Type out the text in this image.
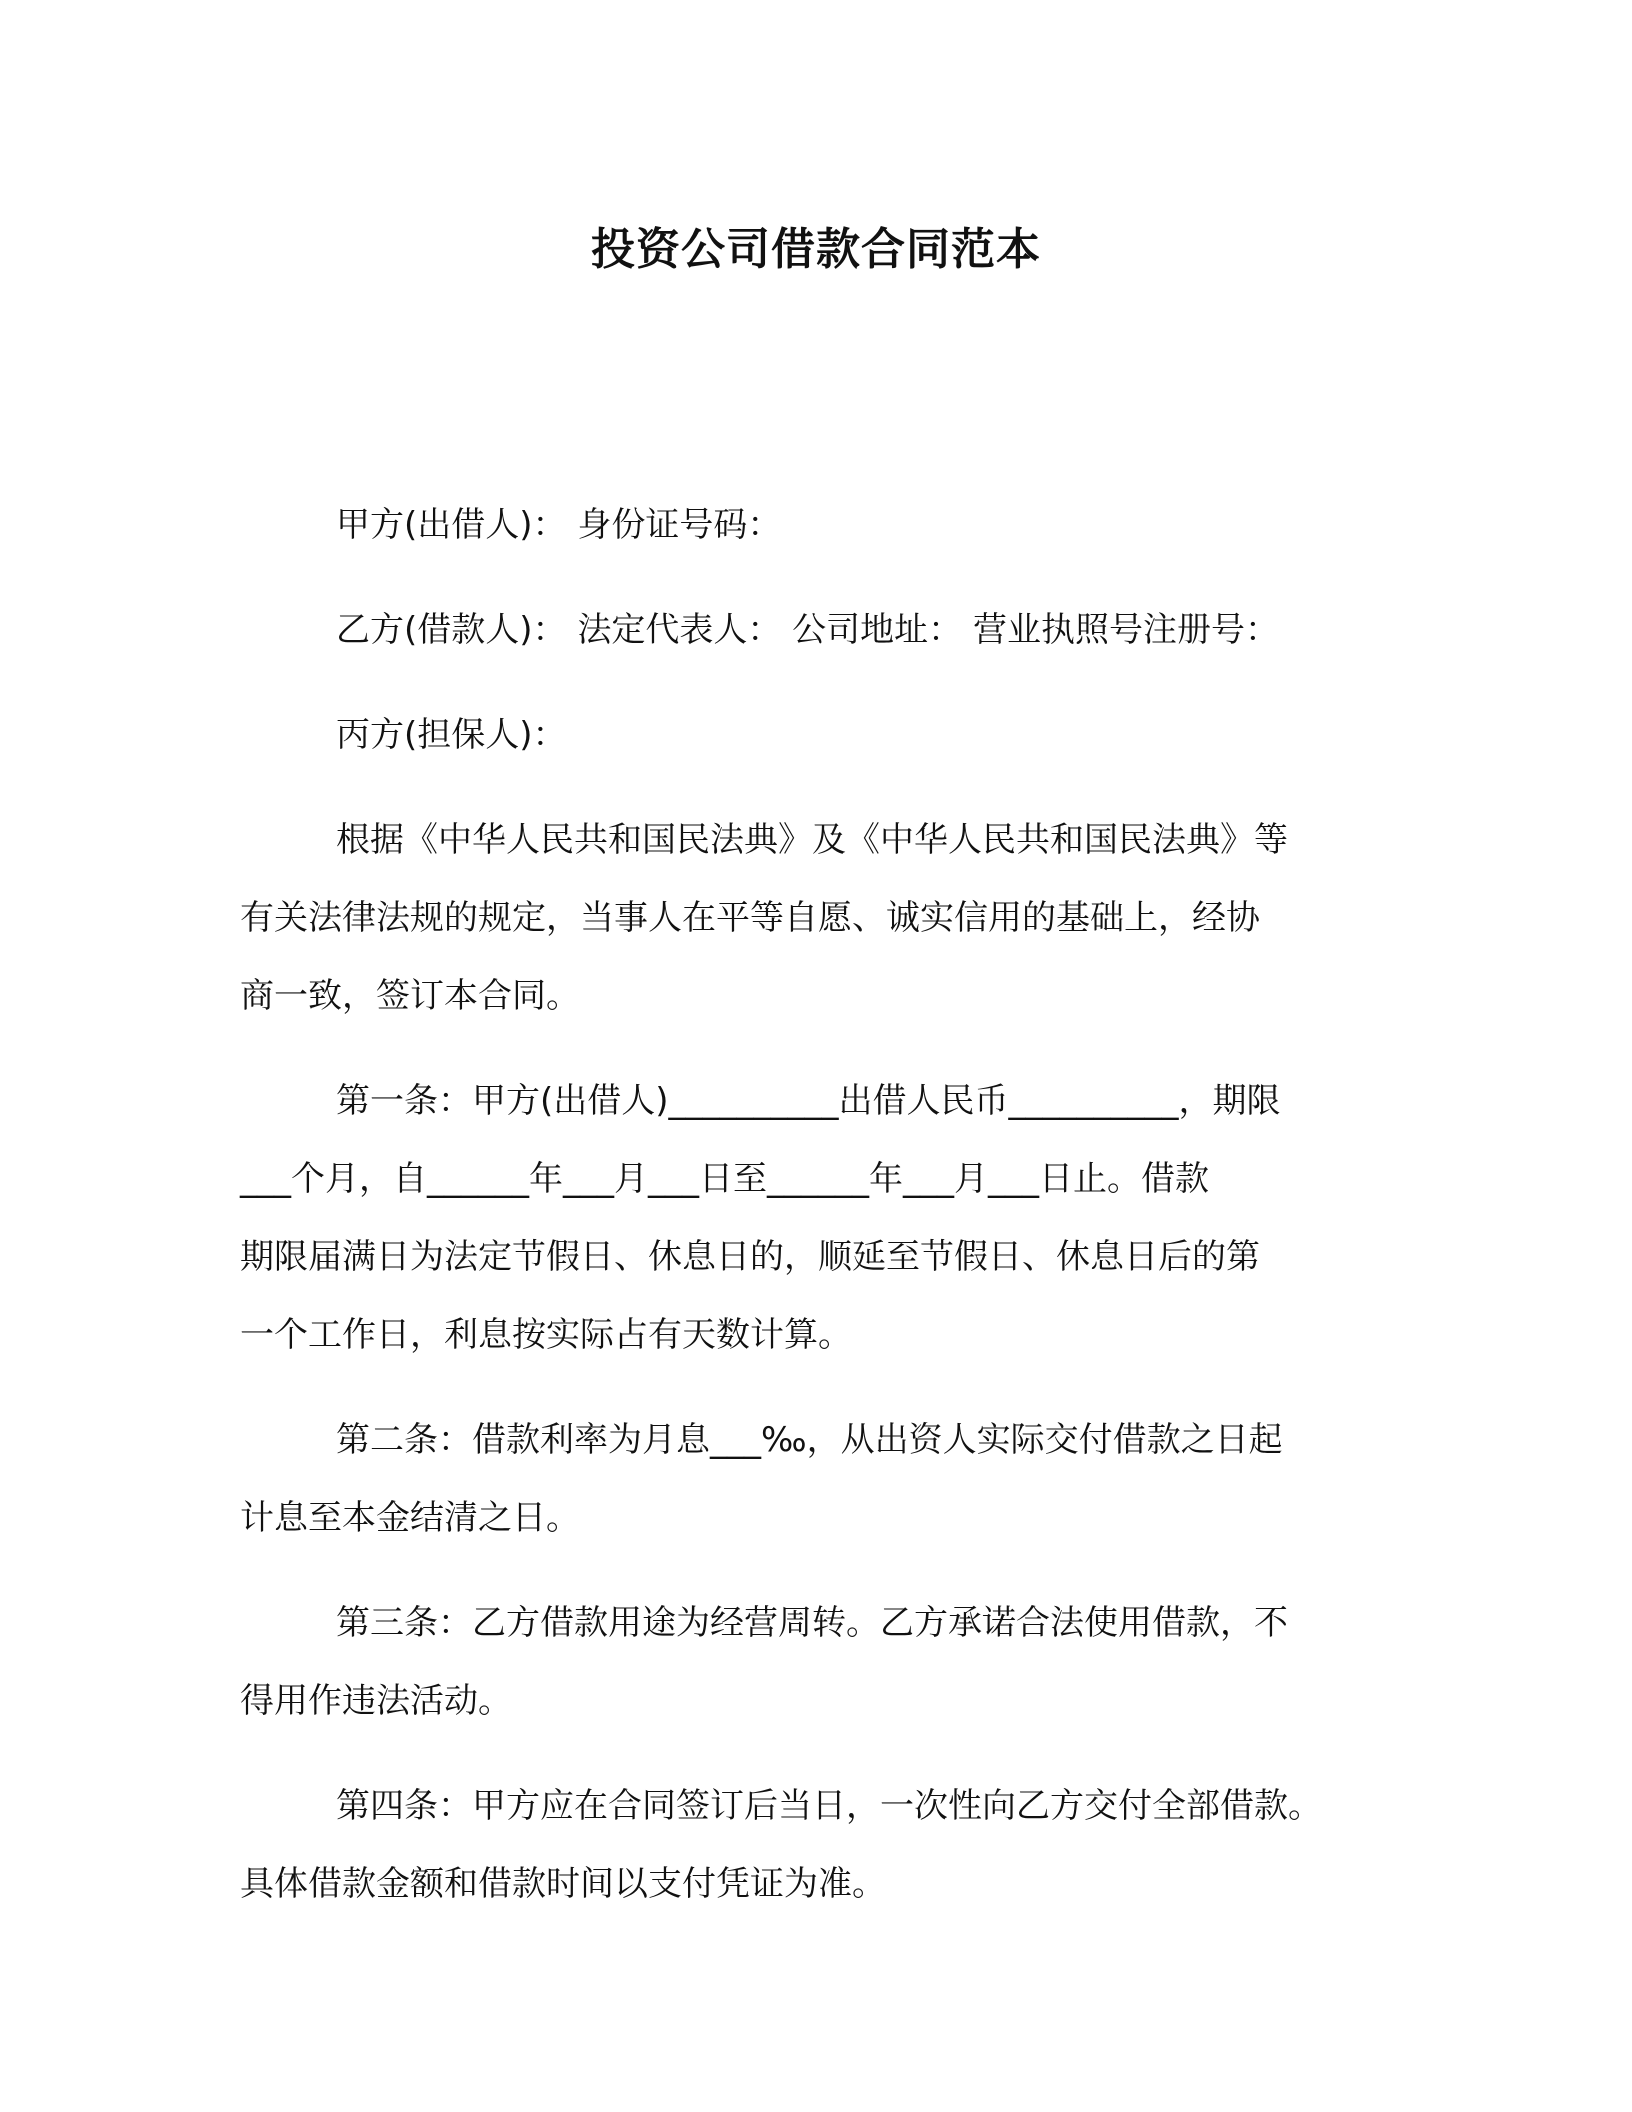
投资公司借款合同范本
甲方(出借人)： 身份证号码：
乙方(借款人)： 法定代表人： 公司地址： 营业执照号注册号：
丙方(担保人)：
根据《中华人民共和国民法典》及《中华人民共和国民法典》等
有关法律法规的规定，当事人在平等自愿、诚实信用的基础上，经协
商一致，签订本合同。
第一条：甲方(出借人)__________出借人民币__________，期限
___个月，自______年___月___日至______年___月___日止。借款
期限届满日为法定节假日、休息日的，顺延至节假日、休息日后的第
一个工作日，利息按实际占有天数计算。
第二条：借款利率为月息___‰，从出资人实际交付借款之日起
计息至本金结清之日。
第三条：乙方借款用途为经营周转。乙方承诺合法使用借款，不
得用作违法活动。
第四条：甲方应在合同签订后当日，一次性向乙方交付全部借款。
具体借款金额和借款时间以支付凭证为准。
